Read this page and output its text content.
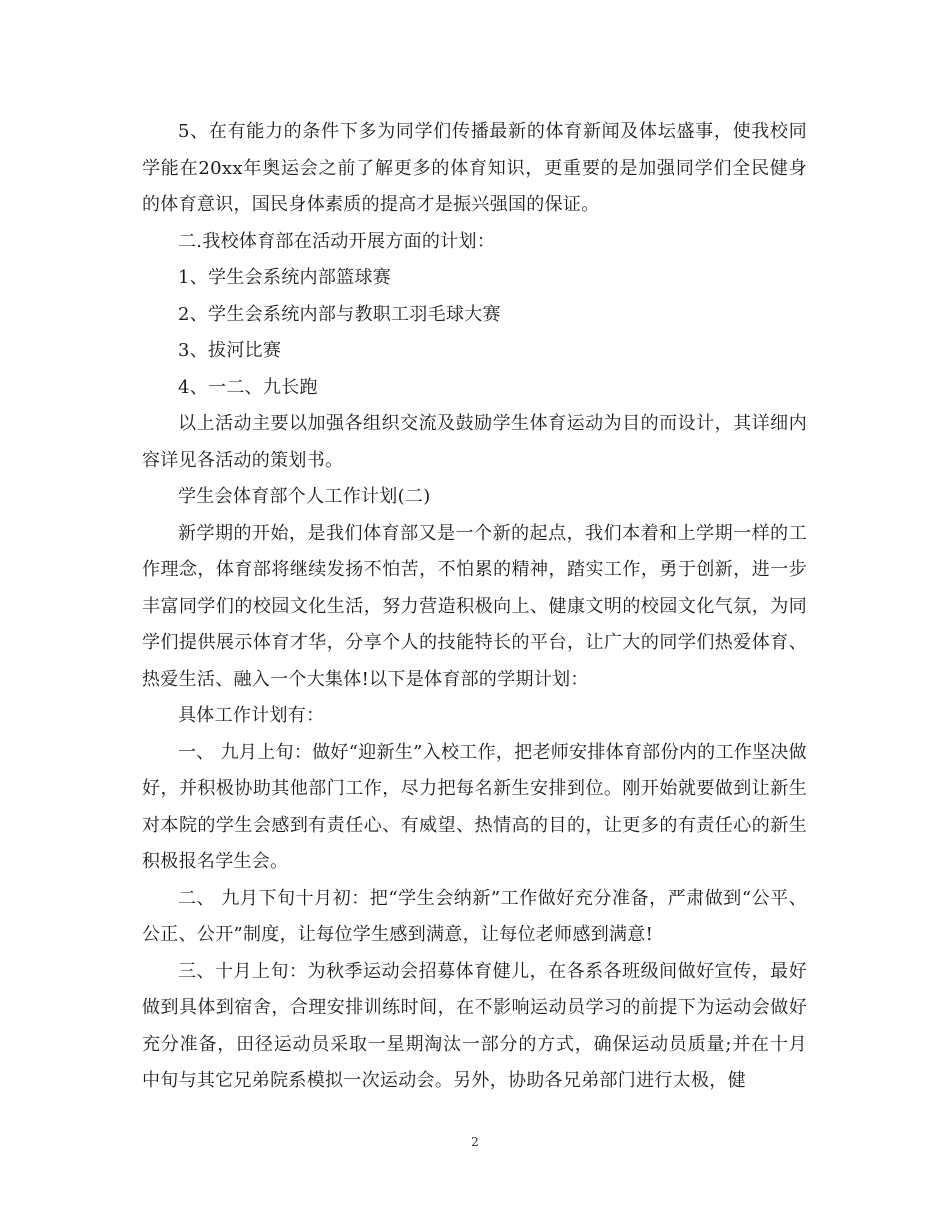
5、在有能力的条件下多为同学们传播最新的体育新闻及体坛盛事，使我校同学能在20xx年奥运会之前了解更多的体育知识，更重要的是加强同学们全民健身的体育意识，国民身体素质的提高才是振兴强国的保证。

二.我校体育部在活动开展方面的计划：

1、学生会系统内部篮球赛

2、学生会系统内部与教职工羽毛球大赛

3、拔河比赛

4、一二、九长跑

以上活动主要以加强各组织交流及鼓励学生体育运动为目的而设计，其详细内容详见各活动的策划书。

学生会体育部个人工作计划(二)

新学期的开始，是我们体育部又是一个新的起点，我们本着和上学期一样的工作理念，体育部将继续发扬不怕苦，不怕累的精神，踏实工作，勇于创新，进一步丰富同学们的校园文化生活，努力营造积极向上、健康文明的校园文化气氛，为同学们提供展示体育才华，分享个人的技能特长的平台，让广大的同学们热爱体育、热爱生活、融入一个大集体!以下是体育部的学期计划：

具体工作计划有：

一、 九月上旬：做好“迎新生”入校工作，把老师安排体育部份内的工作坚决做好，并积极协助其他部门工作，尽力把每名新生安排到位。刚开始就要做到让新生对本院的学生会感到有责任心、有威望、热情高的目的，让更多的有责任心的新生积极报名学生会。

二、 九月下旬十月初：把“学生会纳新”工作做好充分准备，严肃做到“公平、公正、公开”制度，让每位学生感到满意，让每位老师感到满意!

三、十月上旬：为秋季运动会招募体育健儿，在各系各班级间做好宣传，最好做到具体到宿舍，合理安排训练时间，在不影响运动员学习的前提下为运动会做好充分准备，田径运动员采取一星期淘汰一部分的方式，确保运动员质量;并在十月中旬与其它兄弟院系模拟一次运动会。另外，协助各兄弟部门进行太极，健

2
